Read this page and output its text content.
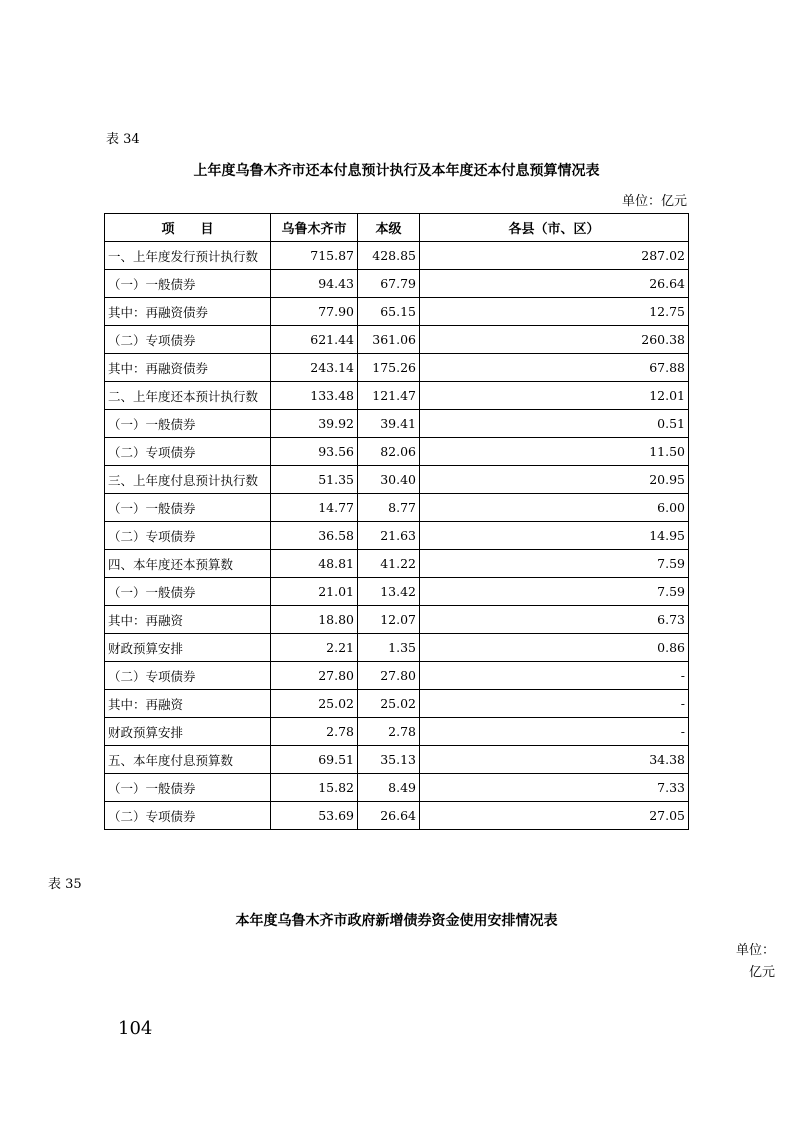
表 34
上年度乌鲁木齐市还本付息预计执行及本年度还本付息预算情况表
单位：亿元
项　　目	乌鲁木齐市	本级	各县（市、区）
一、上年度发行预计执行数	715.87	428.85	287.02
（一）一般债券	94.43	67.79	26.64
其中：再融资债券	77.90	65.15	12.75
（二）专项债券	621.44	361.06	260.38
其中：再融资债券	243.14	175.26	67.88
二、上年度还本预计执行数	133.48	121.47	12.01
（一）一般债券	39.92	39.41	0.51
（二）专项债券	93.56	82.06	11.50
三、上年度付息预计执行数	51.35	30.40	20.95
（一）一般债券	14.77	8.77	6.00
（二）专项债券	36.58	21.63	14.95
四、本年度还本预算数	48.81	41.22	7.59
（一）一般债券	21.01	13.42	7.59
其中：再融资	18.80	12.07	6.73
财政预算安排	2.21	1.35	0.86
（二）专项债券	27.80	27.80	-
其中：再融资	25.02	25.02	-
财政预算安排	2.78	2.78	-
五、本年度付息预算数	69.51	35.13	34.38
（一）一般债券	15.82	8.49	7.33
（二）专项债券	53.69	26.64	27.05
表 35
本年度乌鲁木齐市政府新增债券资金使用安排情况表
单位：
亿元
104
